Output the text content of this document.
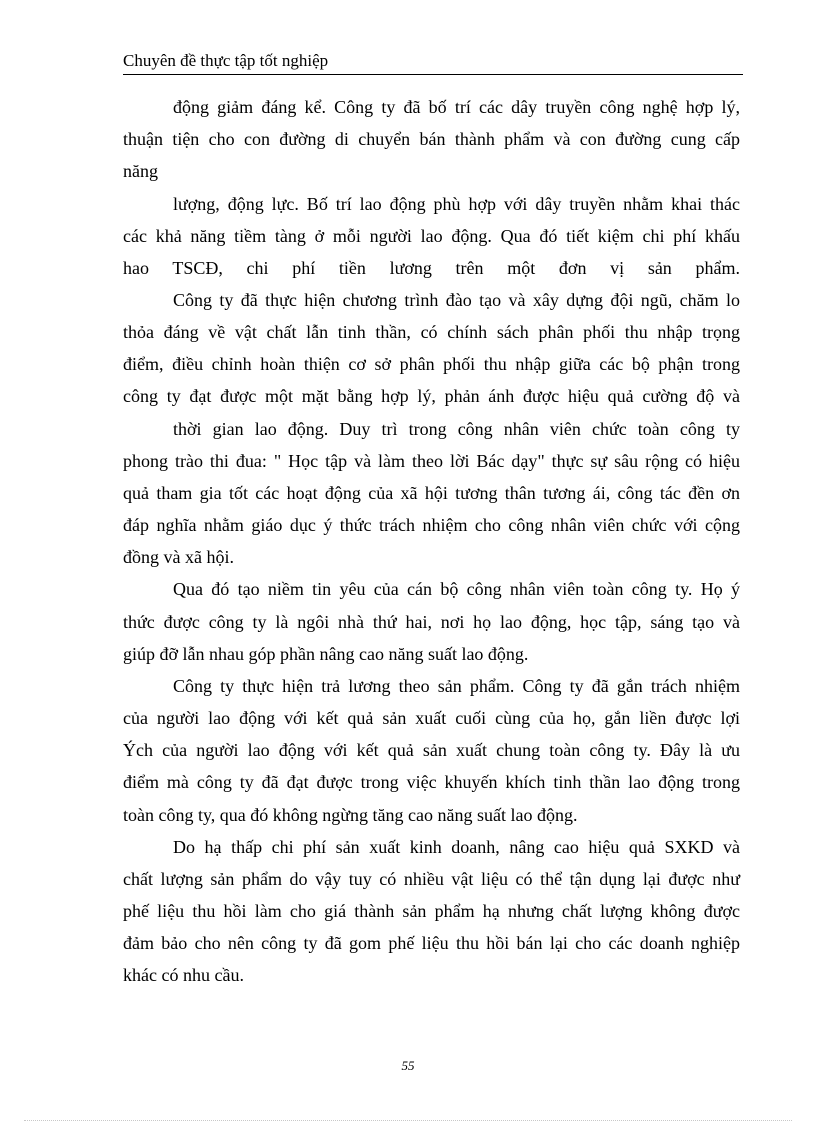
Chuyên đề thực tập tốt nghiệp
động giảm đáng kể. Công ty đã bố trí các dây truyền công nghệ hợp lý,
thuận tiện cho con đường di chuyển bán thành phẩm và con đường cung cấp
năng
lượng, động lực. Bố trí lao động phù hợp với dây truyền nhằm khai thác
các khả năng tiềm tàng ở mỗi người lao động. Qua đó tiết kiệm chi phí khấu
hao TSCĐ, chi phí tiền lương trên một đơn vị sản phẩm.
Công ty đã thực hiện chương trình đào tạo và xây dựng đội ngũ, chăm lo
thỏa đáng về vật chất lẫn tinh thần, có chính sách phân phối thu nhập trọng
điểm, điều chỉnh hoàn thiện cơ sở phân phối thu nhập giữa các bộ phận trong
công ty đạt được một mặt bằng hợp lý, phản ánh được hiệu quả cường độ và
thời gian lao động. Duy trì trong công nhân viên chức toàn công ty
phong trào thi đua: " Học tập và làm theo lời Bác dạy" thực sự sâu rộng có hiệu
quả tham gia tốt các hoạt động của xã hội tương thân tương ái, công tác đền ơn
đáp nghĩa nhằm giáo dục ý thức trách nhiệm cho công nhân viên chức với cộng
đồng và xã hội.
Qua đó tạo niềm tin yêu của cán bộ công nhân viên toàn công ty. Họ ý
thức được công ty là ngôi nhà thứ hai, nơi họ lao động, học tập, sáng tạo và
giúp đỡ lẫn nhau góp phần nâng cao năng suất lao động.
Công ty thực hiện trả lương theo sản phẩm. Công ty đã gắn trách nhiệm
của người lao động với kết quả sản xuất cuối cùng của họ, gắn liền được lợi
Ých của người lao động với kết quả sản xuất chung toàn công ty. Đây là ưu
điểm mà công ty đã đạt được trong việc khuyến khích tinh thần lao động trong
toàn công ty, qua đó không ngừng tăng cao năng suất lao động.
Do hạ thấp chi phí sản xuất kinh doanh, nâng cao hiệu quả SXKD và
chất lượng sản phẩm do vậy tuy có nhiều vật liệu có thể tận dụng lại được như
phế liệu thu hồi làm cho giá thành sản phẩm hạ nhưng chất lượng không được
đảm bảo cho nên công ty đã gom phế liệu thu hồi bán lại cho các doanh nghiệp
khác có nhu cầu.
55
